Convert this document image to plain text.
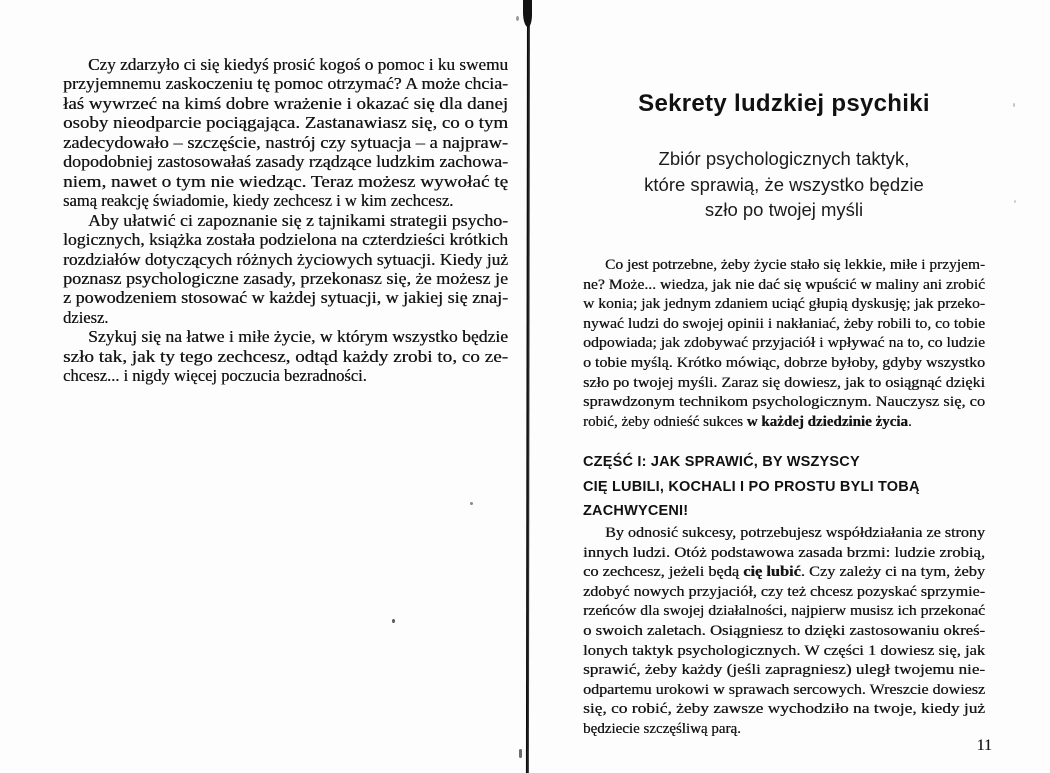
Czy zdarzyło ci się kiedyś prosić kogoś o pomoc i ku swemu
przyjemnemu zaskoczeniu tę pomoc otrzymać? A może chcia-
łaś wywrzeć na kimś dobre wrażenie i okazać się dla danej
osoby nieodparcie pociągająca. Zastanawiasz się, co o tym
zadecydowało – szczęście, nastrój czy sytuacja – a najpraw-
dopodobniej zastosowałaś zasady rządzące ludzkim zachowa-
niem, nawet o tym nie wiedząc. Teraz możesz wywołać tę
samą reakcję świadomie, kiedy zechcesz i w kim zechcesz.
Aby ułatwić ci zapoznanie się z tajnikami strategii psycho-
logicznych, książka została podzielona na czterdzieści krótkich
rozdziałów dotyczących różnych życiowych sytuacji. Kiedy już
poznasz psychologiczne zasady, przekonasz się, że możesz je
z powodzeniem stosować w każdej sytuacji, w jakiej się znaj-
dziesz.
Szykuj się na łatwe i miłe życie, w którym wszystko będzie
szło tak, jak ty tego zechcesz, odtąd każdy zrobi to, co ze-
chcesz... i nigdy więcej poczucia bezradności.
Sekrety ludzkiej psychiki
Zbiór psychologicznych taktyk,
które sprawią, że wszystko będzie
szło po twojej myśli
Co jest potrzebne, żeby życie stało się lekkie, miłe i przyjem-
ne? Może... wiedza, jak nie dać się wpuścić w maliny ani zrobić
w konia; jak jednym zdaniem uciąć głupią dyskusję; jak przeko-
nywać ludzi do swojej opinii i nakłaniać, żeby robili to, co tobie
odpowiada; jak zdobywać przyjaciół i wpływać na to, co ludzie
o tobie myślą. Krótko mówiąc, dobrze byłoby, gdyby wszystko
szło po twojej myśli. Zaraz się dowiesz, jak to osiągnąć dzięki
sprawdzonym technikom psychologicznym. Nauczysz się, co
robić, żeby odnieść sukces w każdej dziedzinie życia.
CZĘŚĆ I: JAK SPRAWIĆ, BY WSZYSCY
CIĘ LUBILI, KOCHALI I PO PROSTU BYLI TOBĄ
ZACHWYCENI!
By odnosić sukcesy, potrzebujesz współdziałania ze strony
innych ludzi. Otóż podstawowa zasada brzmi: ludzie zrobią,
co zechcesz, jeżeli będą cię lubić. Czy zależy ci na tym, żeby
zdobyć nowych przyjaciół, czy też chcesz pozyskać sprzymie-
rzeńców dla swojej działalności, najpierw musisz ich przekonać
o swoich zaletach. Osiągniesz to dzięki zastosowaniu okreś-
lonych taktyk psychologicznych. W części 1 dowiesz się, jak
sprawić, żeby każdy (jeśli zapragniesz) uległ twojemu nie-
odpartemu urokowi w sprawach sercowych. Wreszcie dowiesz
się, co robić, żeby zawsze wychodziło na twoje, kiedy już
będziecie szczęśliwą parą.
11
